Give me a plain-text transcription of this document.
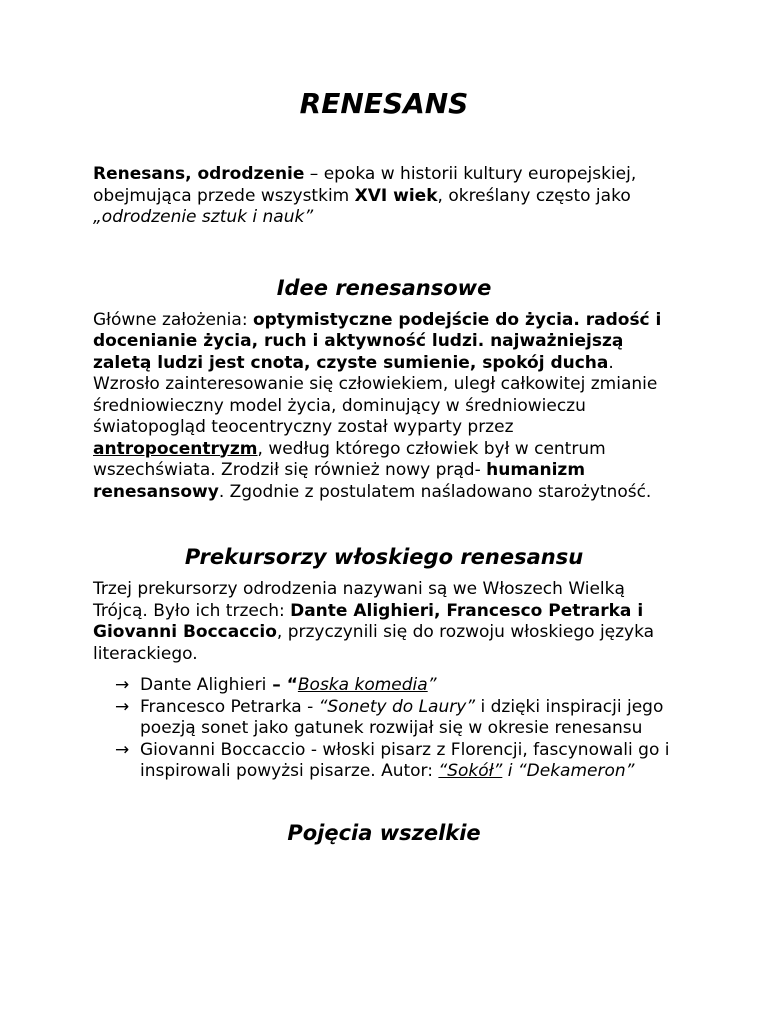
RENESANS

Renesans, odrodzenie – epoka w historii kultury europejskiej, obejmująca przede wszystkim XVI wiek, określany często jako „odrodzenie sztuk i nauk”

Idee renesansowe

Główne założenia: optymistyczne podejście do życia. radość i docenianie życia, ruch i aktywność ludzi. najważniejszą zaletą ludzi jest cnota, czyste sumienie, spokój ducha. Wzrosło zainteresowanie się człowiekiem, uległ całkowitej zmianie średniowieczny model życia, dominujący w średniowieczu światopogląd teocentryczny został wyparty przez antropocentryzm, według którego człowiek był w centrum wszechświata. Zrodził się również nowy prąd- humanizm renesansowy. Zgodnie z postulatem naśladowano starożytność.

Prekursorzy włoskiego renesansu

Trzej prekursorzy odrodzenia nazywani są we Włoszech Wielką Trójcą. Było ich trzech: Dante Alighieri, Francesco Petrarka i Giovanni Boccaccio, przyczynili się do rozwoju włoskiego języka literackiego.

→ Dante Alighieri – “Boska komedia”
→ Francesco Petrarka - “Sonety do Laury” i dzięki inspiracji jego poezją sonet jako gatunek rozwijał się w okresie renesansu
→ Giovanni Boccaccio - włoski pisarz z Florencji, fascynowali go i inspirowali powyżsi pisarze. Autor: “Sokół” i “Dekameron”
Pojęcia wszelkie
